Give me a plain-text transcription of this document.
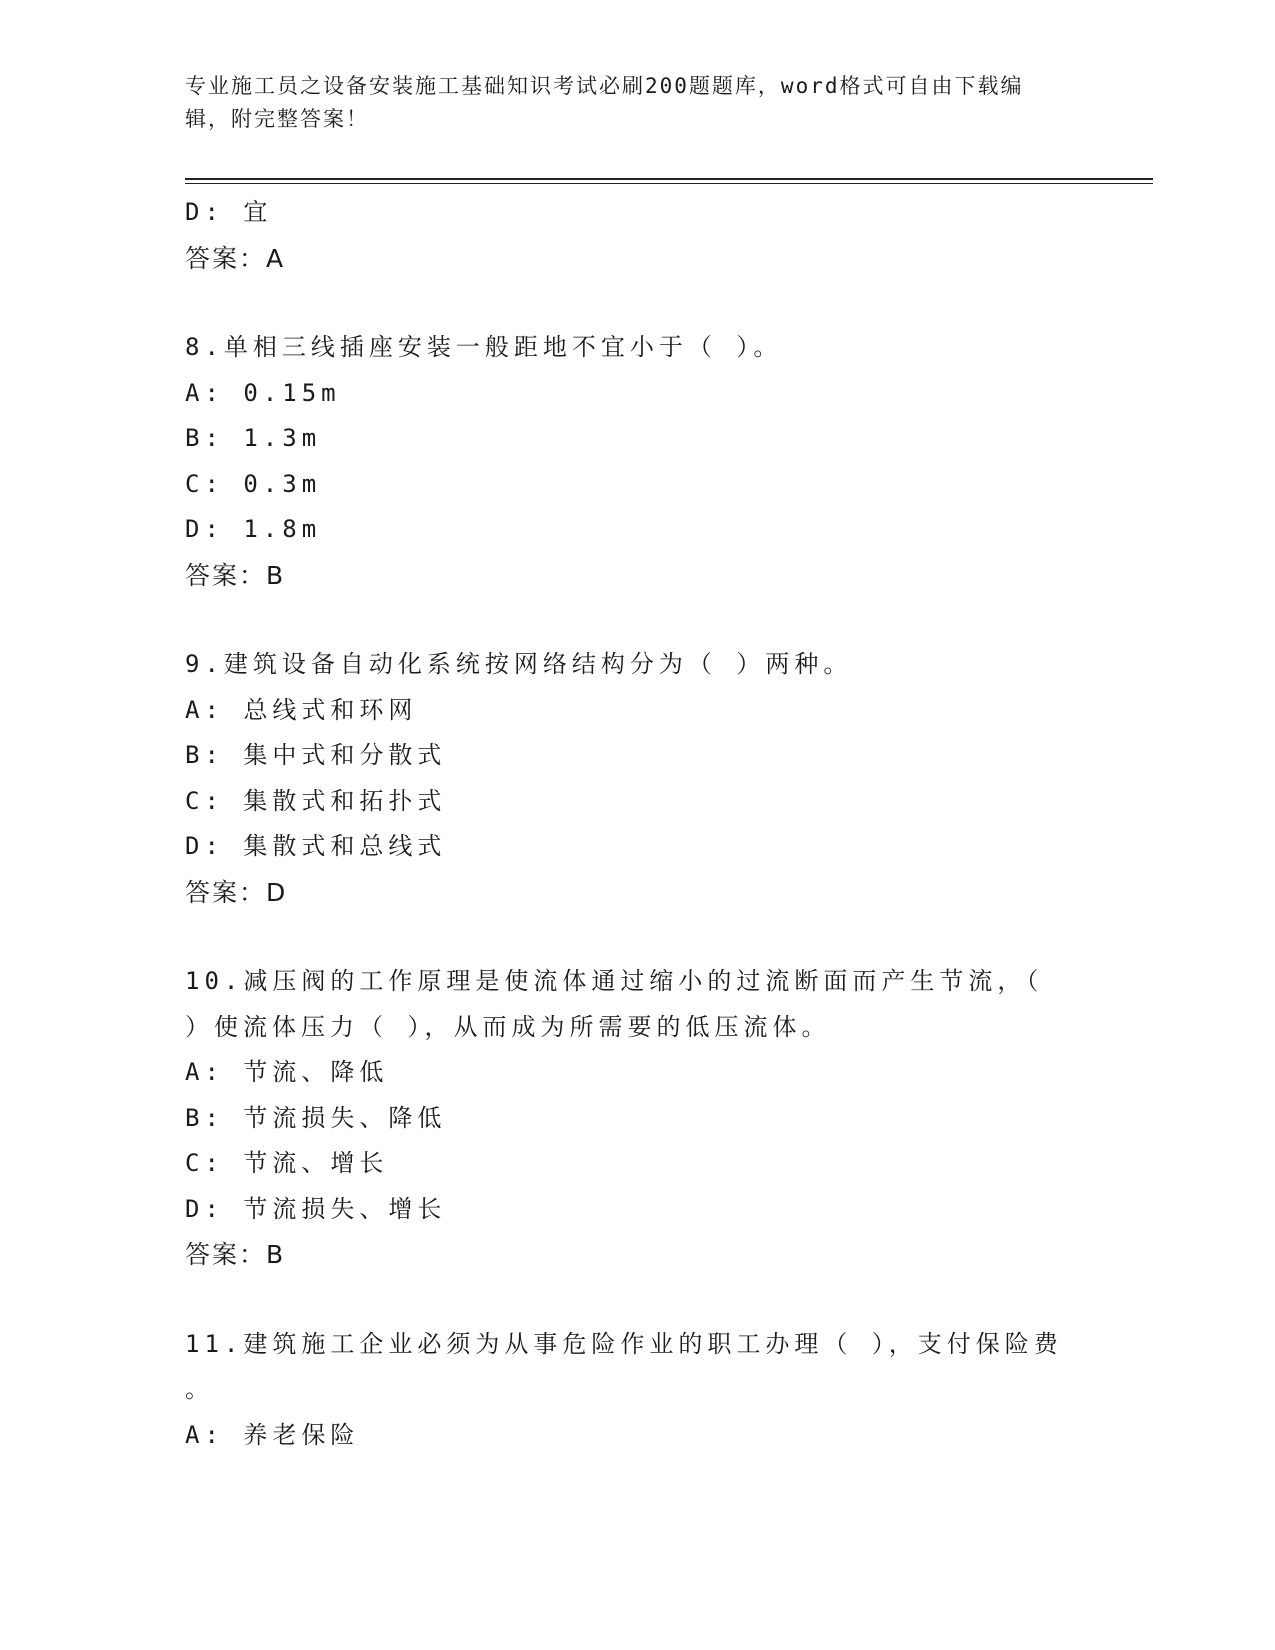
专业施工员之设备安装施工基础知识考试必刷200题题库，word格式可自由下载编辑，附完整答案！
D: 宜
答案：A
8.单相三线插座安装一般距地不宜小于（ ）。
A: 0.15m
B: 1.3m
C: 0.3m
D: 1.8m
答案：B
9.建筑设备自动化系统按网络结构分为（ ）两种。
A: 总线式和环网
B: 集中式和分散式
C: 集散式和拓扑式
D: 集散式和总线式
答案：D
10.减压阀的工作原理是使流体通过缩小的过流断面而产生节流，（
）使流体压力（ ），从而成为所需要的低压流体。
A: 节流、降低
B: 节流损失、降低
C: 节流、增长
D: 节流损失、增长
答案：B
11.建筑施工企业必须为从事危险作业的职工办理（ ），支付保险费
。
A: 养老保险
